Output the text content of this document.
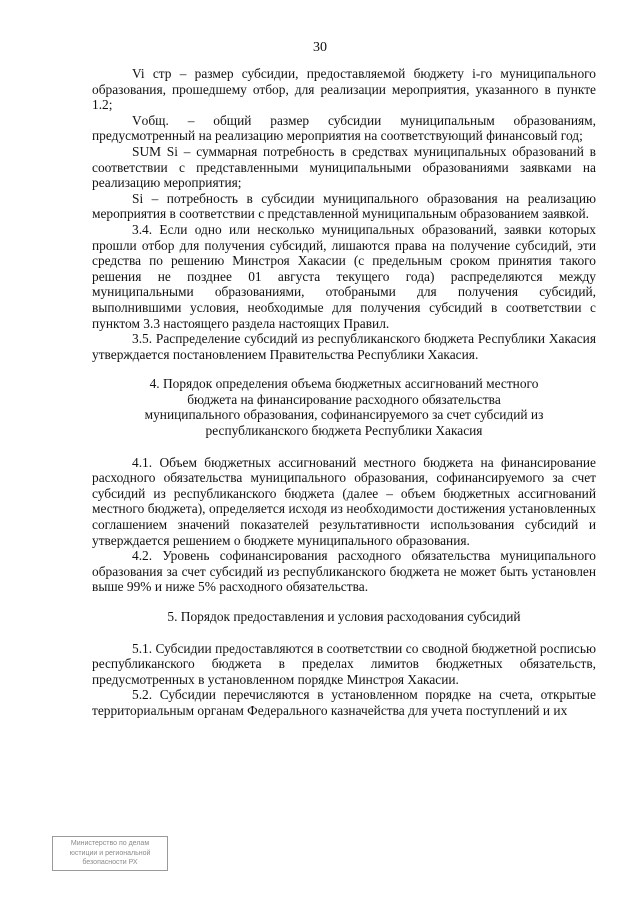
30

Vi стр – размер субсидии, предоставляемой бюджету i-го муниципального образования, прошедшему отбор, для реализации мероприятия, указанного в пункте 1.2;

Vобщ. – общий размер субсидии муниципальным образованиям, предусмотренный на реализацию мероприятия на соответствующий финансовый год;

SUM Si – суммарная потребность в средствах муниципальных образований в соответствии с представленными муниципальными образованиями заявками на реализацию мероприятия;

Si – потребность в субсидии муниципального образования на реализацию мероприятия в соответствии с представленной муниципальным образованием заявкой.

3.4. Если одно или несколько муниципальных образований, заявки которых прошли отбор для получения субсидий, лишаются права на получение субсидий, эти средства по решению Минстроя Хакасии (с предельным сроком принятия такого решения не позднее 01 августа текущего года) распределяются между муниципальными образованиями, отобраными для получения субсидий, выполнившими условия, необходимые для получения субсидий в соответствии с пунктом 3.3 настоящего раздела настоящих Правил.

3.5. Распределение субсидий из республиканского бюджета Республики Хакасия утверждается постановлением Правительства Республики Хакасия.

4. Порядок определения объема бюджетных ассигнований местного бюджета на финансирование расходного обязательства муниципального образования, софинансируемого за счет субсидий из республиканского бюджета Республики Хакасия

4.1. Объем бюджетных ассигнований местного бюджета на финансирование расходного обязательства муниципального образования, софинансируемого за счет субсидий из республиканского бюджета (далее – объем бюджетных ассигнований местного бюджета), определяется исходя из необходимости достижения установленных соглашением значений показателей результативности использования субсидий и утверждается решением о бюджете муниципального образования.

4.2. Уровень софинансирования расходного обязательства муниципального образования за счет субсидий из республиканского бюджета не может быть установлен выше 99% и ниже 5% расходного обязательства.

5. Порядок предоставления и условия расходования субсидий

5.1. Субсидии предоставляются в соответствии со сводной бюджетной росписью республиканского бюджета в пределах лимитов бюджетных обязательств, предусмотренных в установленном порядке Минстроя Хакасии.

5.2. Субсидии перечисляются в установленном порядке на счета, открытые территориальным органам Федерального казначейства для учета поступлений и их

Министерство по делам
юстиции и региональной
безопасности РХ
